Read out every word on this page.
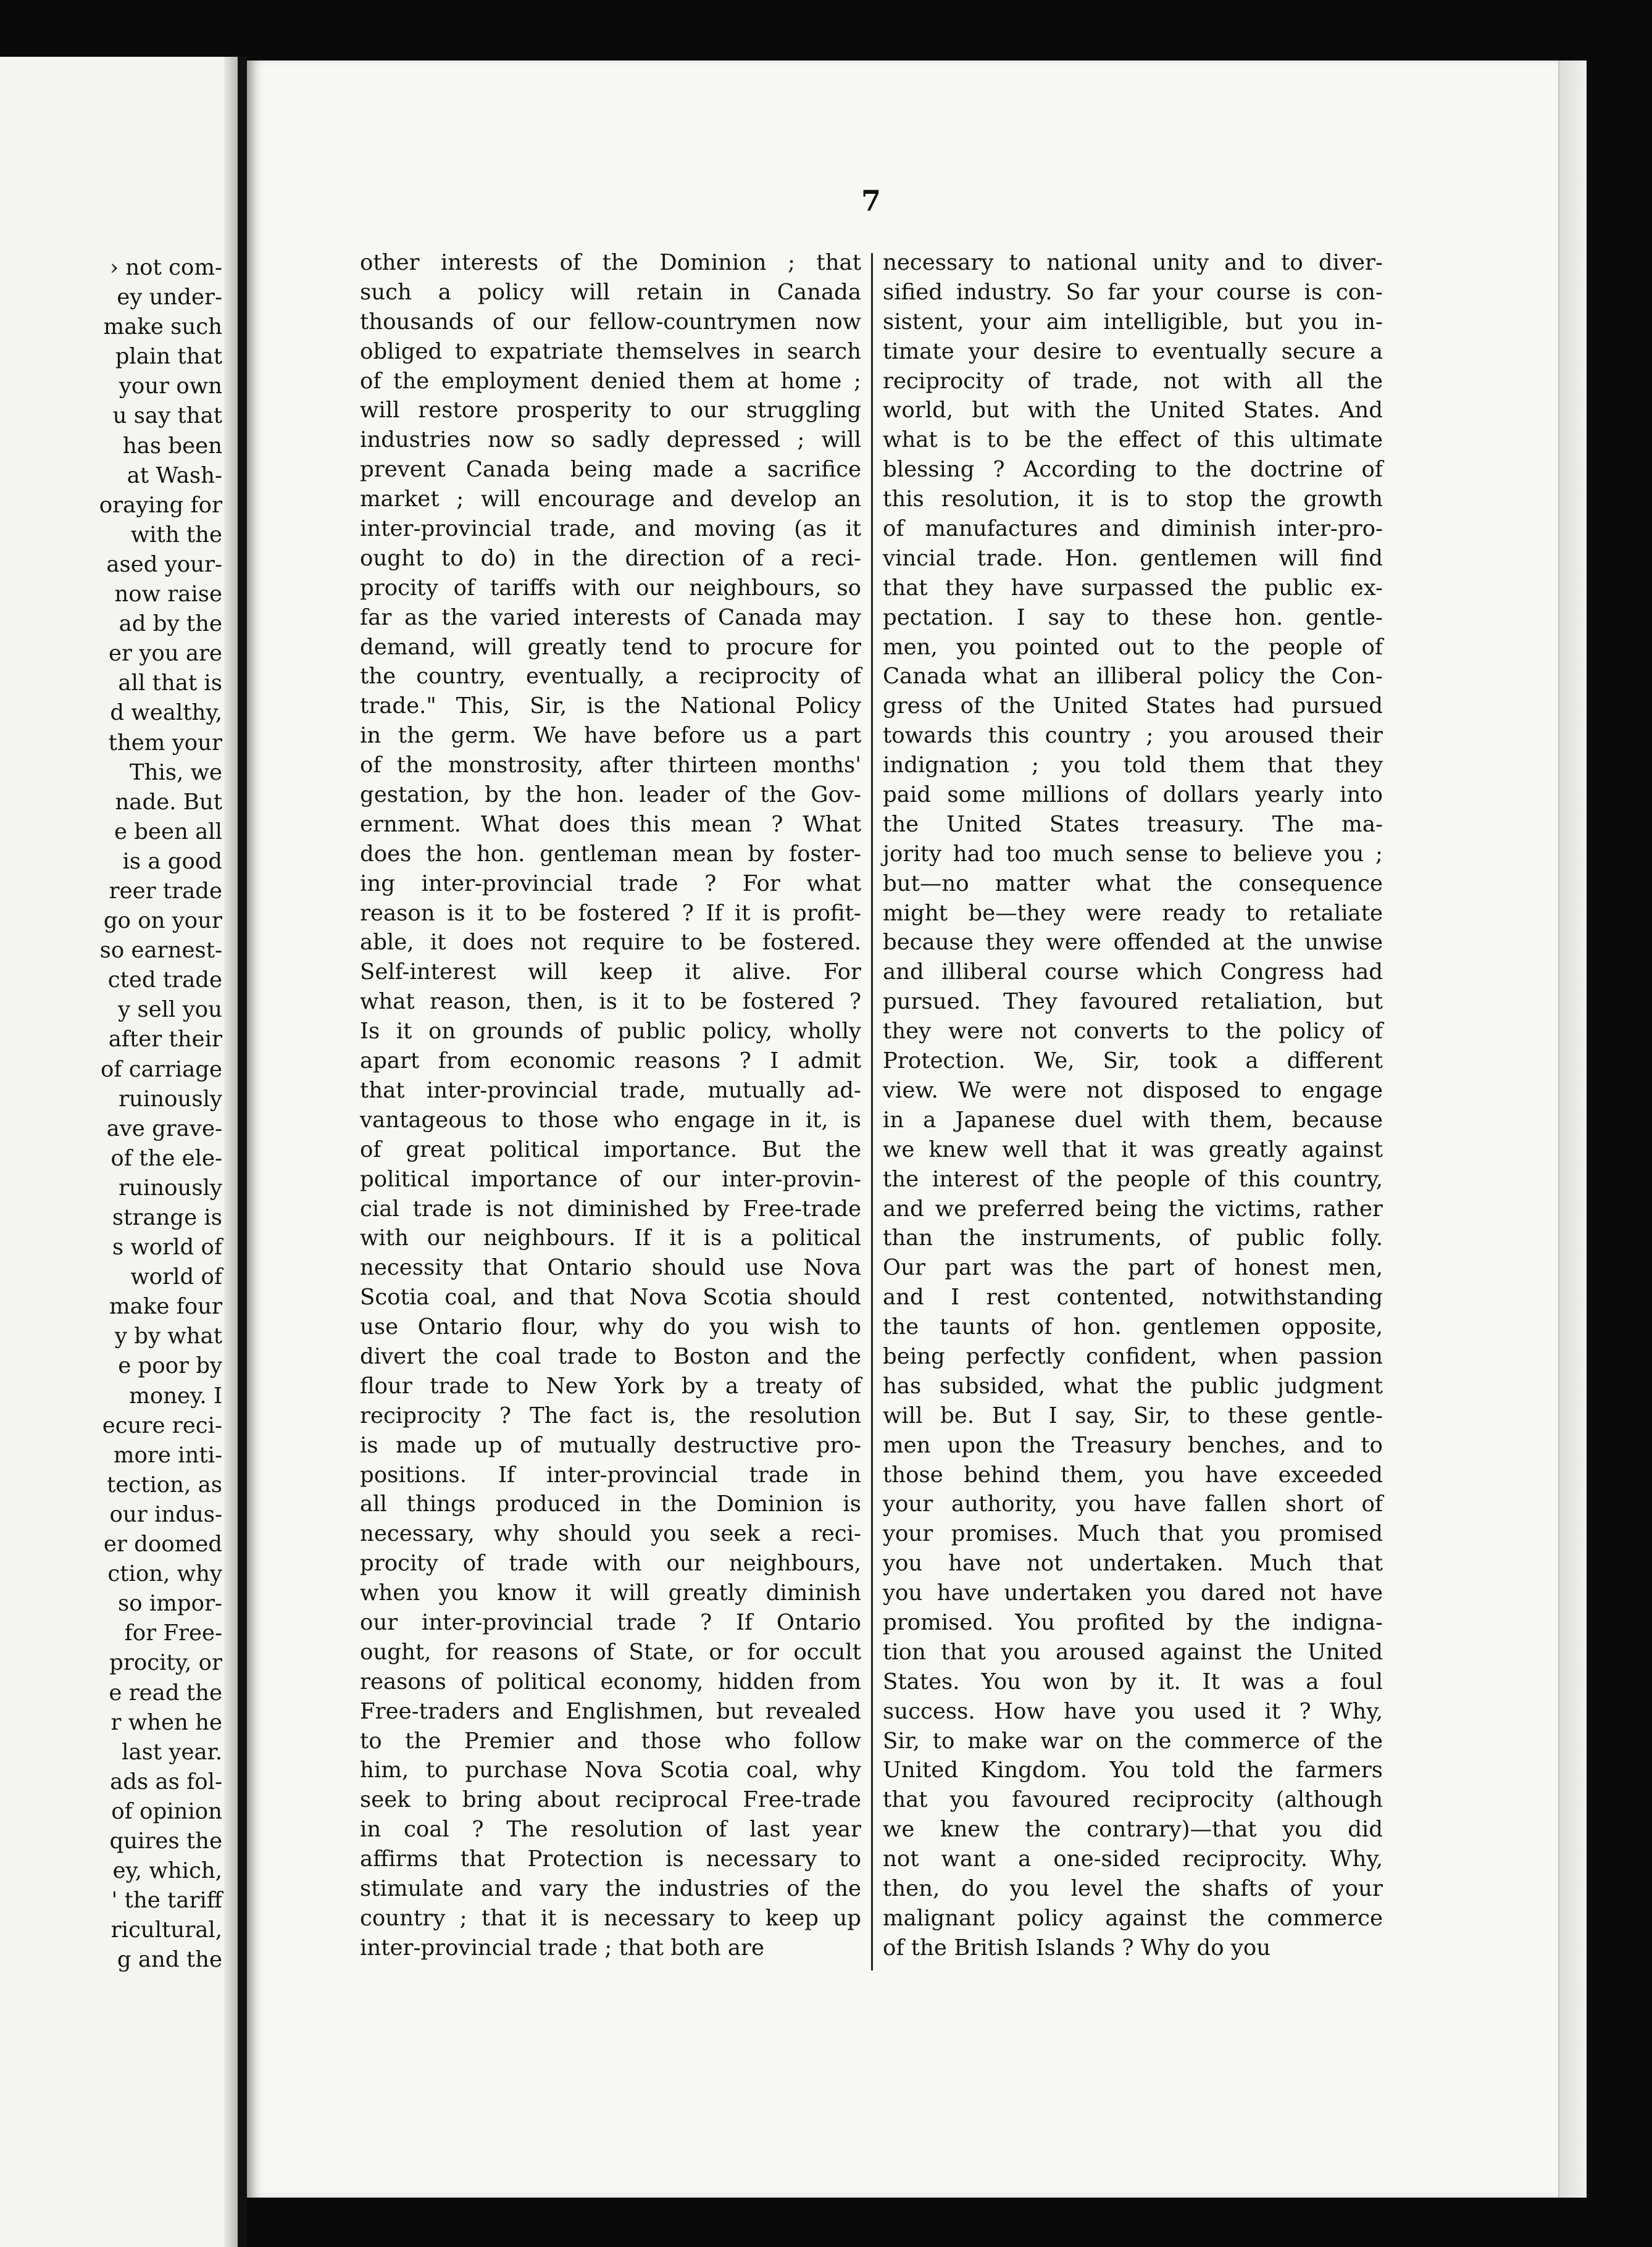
› not com-
ey under-
make such
plain that
your own
u say that
has been
at Wash-
oraying for
with the
ased your-
now raise
ad by the
er you are
all that is
d wealthy,
them your
This, we
nade. But
e been all
is a good
reer trade
go on your
so earnest-
cted trade
y sell you
after their
of carriage
ruinously
ave grave-
of the ele-
ruinously
strange is
s world of
world of
make four
y by what
e poor by
money. I
ecure reci-
more inti-
tection, as
our indus-
er doomed
ction, why
so impor-
for Free-
procity, or
e read the
r when he
last year.
ads as fol-
of opinion
quires the
ey, which,
' the tariff
ricultural,
g and the

7

other interests of the Dominion ; that
such a policy will retain in Canada
thousands of our fellow-countrymen now
obliged to expatriate themselves in search
of the employment denied them at home ;
will restore prosperity to our struggling
industries now so sadly depressed ; will
prevent Canada being made a sacrifice
market ; will encourage and develop an
inter-provincial trade, and moving (as it
ought to do) in the direction of a reci-
procity of tariffs with our neighbours, so
far as the varied interests of Canada may
demand, will greatly tend to procure for
the country, eventually, a reciprocity of
trade." This, Sir, is the National Policy
in the germ. We have before us a part
of the monstrosity, after thirteen months'
gestation, by the hon. leader of the Gov-
ernment. What does this mean ? What
does the hon. gentleman mean by foster-
ing inter-provincial trade ? For what
reason is it to be fostered ? If it is profit-
able, it does not require to be fostered.
Self-interest will keep it alive. For
what reason, then, is it to be fostered ?
Is it on grounds of public policy, wholly
apart from economic reasons ? I admit
that inter-provincial trade, mutually ad-
vantageous to those who engage in it, is
of great political importance. But the
political importance of our inter-provin-
cial trade is not diminished by Free-trade
with our neighbours. If it is a political
necessity that Ontario should use Nova
Scotia coal, and that Nova Scotia should
use Ontario flour, why do you wish to
divert the coal trade to Boston and the
flour trade to New York by a treaty of
reciprocity ? The fact is, the resolution
is made up of mutually destructive pro-
positions. If inter-provincial trade in
all things produced in the Dominion is
necessary, why should you seek a reci-
procity of trade with our neighbours,
when you know it will greatly diminish
our inter-provincial trade ? If Ontario
ought, for reasons of State, or for occult
reasons of political economy, hidden from
Free-traders and Englishmen, but revealed
to the Premier and those who follow
him, to purchase Nova Scotia coal, why
seek to bring about reciprocal Free-trade
in coal ? The resolution of last year
affirms that Protection is necessary to
stimulate and vary the industries of the
country ; that it is necessary to keep up
inter-provincial trade ; that both are
necessary to national unity and to diver-
sified industry. So far your course is con-
sistent, your aim intelligible, but you in-
timate your desire to eventually secure a
reciprocity of trade, not with all the
world, but with the United States. And
what is to be the effect of this ultimate
blessing ? According to the doctrine of
this resolution, it is to stop the growth
of manufactures and diminish inter-pro-
vincial trade. Hon. gentlemen will find
that they have surpassed the public ex-
pectation. I say to these hon. gentle-
men, you pointed out to the people of
Canada what an illiberal policy the Con-
gress of the United States had pursued
towards this country ; you aroused their
indignation ; you told them that they
paid some millions of dollars yearly into
the United States treasury. The ma-
jority had too much sense to believe you ;
but—no matter what the consequence
might be—they were ready to retaliate
because they were offended at the unwise
and illiberal course which Congress had
pursued. They favoured retaliation, but
they were not converts to the policy of
Protection. We, Sir, took a different
view. We were not disposed to engage
in a Japanese duel with them, because
we knew well that it was greatly against
the interest of the people of this country,
and we preferred being the victims, rather
than the instruments, of public folly.
Our part was the part of honest men,
and I rest contented, notwithstanding
the taunts of hon. gentlemen opposite,
being perfectly confident, when passion
has subsided, what the public judgment
will be. But I say, Sir, to these gentle-
men upon the Treasury benches, and to
those behind them, you have exceeded
your authority, you have fallen short of
your promises. Much that you promised
you have not undertaken. Much that
you have undertaken you dared not have
promised. You profited by the indigna-
tion that you aroused against the United
States. You won by it. It was a foul
success. How have you used it ? Why,
Sir, to make war on the commerce of the
United Kingdom. You told the farmers
that you favoured reciprocity (although
we knew the contrary)—that you did
not want a one-sided reciprocity. Why,
then, do you level the shafts of your
malignant policy against the commerce
of the British Islands ? Why do you
